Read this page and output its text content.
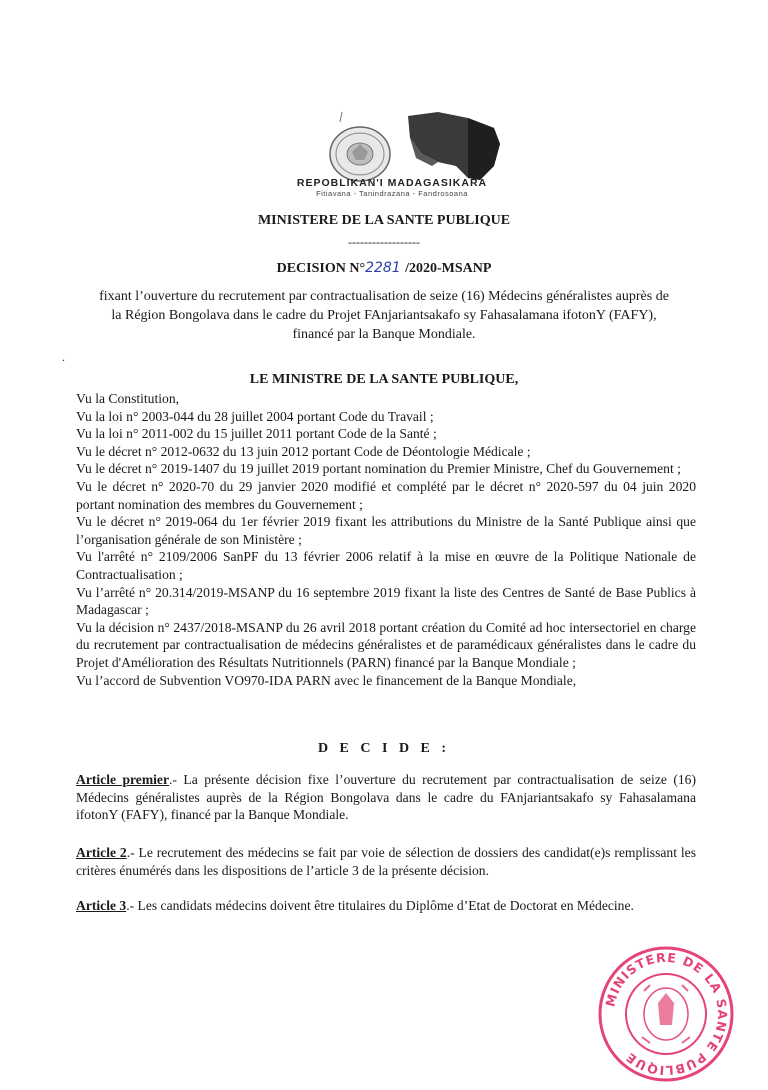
REPOBLIKAN'I MADAGASIKARA
Fitiavana - Tanindrazana - Fandrosoana
MINISTERE DE LA SANTE PUBLIQUE
------------------
DECISION N°2281 /2020-MSANP
fixant l’ouverture du recrutement par contractualisation de seize (16) Médecins généralistes auprès de
la Région Bongolava dans le cadre du Projet FAnjariantsakafo sy Fahasalamana ifotonY (FAFY),
financé par la Banque Mondiale.
.
LE MINISTRE DE LA SANTE PUBLIQUE,

Vu la Constitution,

Vu la loi n° 2003-044 du 28 juillet 2004 portant Code du Travail ;

Vu la loi n° 2011-002 du 15 juillet 2011 portant Code de la Santé ;

Vu le décret n° 2012-0632 du 13 juin 2012 portant Code de Déontologie Médicale ;

Vu le décret n° 2019-1407 du 19 juillet 2019 portant nomination du Premier Ministre, Chef du Gouvernement ;

Vu le décret n° 2020-70 du 29 janvier 2020 modifié et complété par le décret n° 2020-597 du 04 juin 2020 portant nomination des membres du Gouvernement ;

Vu le décret n° 2019-064 du 1er février 2019 fixant les attributions du Ministre de la Santé Publique ainsi que l’organisation générale de son Ministère ;

Vu l'arrêté n° 2109/2006 SanPF du 13 février 2006 relatif à la mise en œuvre de la Politique Nationale de Contractualisation ;

Vu l’arrêté n° 20.314/2019-MSANP du 16 septembre 2019 fixant la liste des Centres de Santé de Base Publics à Madagascar ;

Vu la décision n° 2437/2018-MSANP du 26 avril 2018 portant création du Comité ad hoc intersectoriel en charge du recrutement par contractualisation de médecins généralistes et de paramédicaux généralistes dans le cadre du Projet d'Amélioration des Résultats Nutritionnels (PARN) financé par la Banque Mondiale ;

Vu l’accord de Subvention VO970-IDA PARN avec le financement de la Banque Mondiale,

D E C I D E :

Article premier.- La présente décision fixe l’ouverture du recrutement par contractualisation de seize (16) Médecins généralistes auprès de la Région Bongolava dans le cadre du FAnjariantsakafo sy Fahasalamana ifotonY (FAFY), financé par la Banque Mondiale.

Article 2.- Le recrutement des médecins se fait par voie de sélection de dossiers des candidat(e)s remplissant les critères énumérés dans les dispositions de l’article 3 de la présente décision.

Article 3.- Les candidats médecins doivent être titulaires du Diplôme d’Etat de Doctorat en Médecine.

MINISTERE DE LA SANTE PUBLIQUE
